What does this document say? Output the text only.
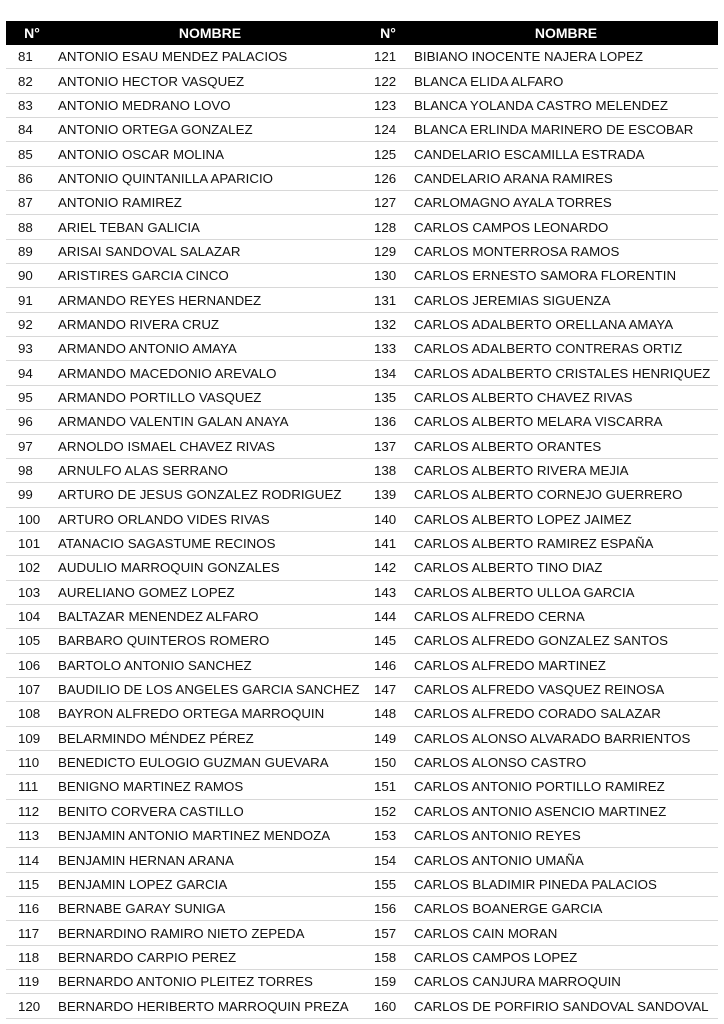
N°	NOMBRE	N°	NOMBRE
81	ANTONIO ESAU MENDEZ PALACIOS	121	BIBIANO INOCENTE NAJERA LOPEZ
82	ANTONIO HECTOR VASQUEZ	122	BLANCA ELIDA ALFARO
83	ANTONIO MEDRANO LOVO	123	BLANCA YOLANDA CASTRO MELENDEZ
84	ANTONIO ORTEGA GONZALEZ	124	BLANCA ERLINDA MARINERO DE ESCOBAR
85	ANTONIO OSCAR MOLINA	125	CANDELARIO ESCAMILLA ESTRADA
86	ANTONIO QUINTANILLA APARICIO	126	CANDELARIO ARANA RAMIRES
87	ANTONIO RAMIREZ	127	CARLOMAGNO AYALA TORRES
88	ARIEL TEBAN GALICIA	128	CARLOS CAMPOS LEONARDO
89	ARISAI SANDOVAL SALAZAR	129	CARLOS MONTERROSA RAMOS
90	ARISTIRES GARCIA CINCO	130	CARLOS ERNESTO SAMORA FLORENTIN
91	ARMANDO REYES HERNANDEZ	131	CARLOS JEREMIAS SIGUENZA
92	ARMANDO RIVERA CRUZ	132	CARLOS ADALBERTO ORELLANA AMAYA
93	ARMANDO ANTONIO AMAYA	133	CARLOS ADALBERTO CONTRERAS ORTIZ
94	ARMANDO MACEDONIO AREVALO	134	CARLOS ADALBERTO CRISTALES HENRIQUEZ
95	ARMANDO PORTILLO VASQUEZ	135	CARLOS ALBERTO CHAVEZ RIVAS
96	ARMANDO VALENTIN GALAN ANAYA	136	CARLOS ALBERTO MELARA VISCARRA
97	ARNOLDO ISMAEL CHAVEZ RIVAS	137	CARLOS ALBERTO ORANTES
98	ARNULFO ALAS SERRANO	138	CARLOS ALBERTO RIVERA MEJIA
99	ARTURO DE JESUS GONZALEZ RODRIGUEZ	139	CARLOS ALBERTO CORNEJO GUERRERO
100	ARTURO ORLANDO VIDES RIVAS	140	CARLOS ALBERTO LOPEZ JAIMEZ
101	ATANACIO SAGASTUME RECINOS	141	CARLOS ALBERTO RAMIREZ ESPAÑA
102	AUDULIO MARROQUIN GONZALES	142	CARLOS ALBERTO TINO DIAZ
103	AURELIANO GOMEZ LOPEZ	143	CARLOS ALBERTO ULLOA GARCIA
104	BALTAZAR MENENDEZ ALFARO	144	CARLOS ALFREDO CERNA
105	BARBARO QUINTEROS ROMERO	145	CARLOS ALFREDO GONZALEZ SANTOS
106	BARTOLO ANTONIO SANCHEZ	146	CARLOS ALFREDO MARTINEZ
107	BAUDILIO DE LOS ANGELES GARCIA SANCHEZ	147	CARLOS ALFREDO VASQUEZ REINOSA
108	BAYRON ALFREDO ORTEGA MARROQUIN	148	CARLOS ALFREDO CORADO SALAZAR
109	BELARMINDO MÉNDEZ PÉREZ	149	CARLOS ALONSO ALVARADO BARRIENTOS
110	BENEDICTO EULOGIO GUZMAN GUEVARA	150	CARLOS ALONSO CASTRO
111	BENIGNO MARTINEZ RAMOS	151	CARLOS ANTONIO PORTILLO RAMIREZ
112	BENITO CORVERA CASTILLO	152	CARLOS ANTONIO ASENCIO MARTINEZ
113	BENJAMIN ANTONIO MARTINEZ MENDOZA	153	CARLOS ANTONIO REYES
114	BENJAMIN HERNAN ARANA	154	CARLOS ANTONIO UMAÑA
115	BENJAMIN LOPEZ GARCIA	155	CARLOS BLADIMIR PINEDA PALACIOS
116	BERNABE GARAY SUNIGA	156	CARLOS BOANERGE GARCIA
117	BERNARDINO RAMIRO NIETO ZEPEDA	157	CARLOS CAIN MORAN
118	BERNARDO CARPIO PEREZ	158	CARLOS CAMPOS LOPEZ
119	BERNARDO ANTONIO PLEITEZ TORRES	159	CARLOS CANJURA MARROQUIN
120	BERNARDO HERIBERTO MARROQUIN PREZA	160	CARLOS DE PORFIRIO SANDOVAL SANDOVAL
